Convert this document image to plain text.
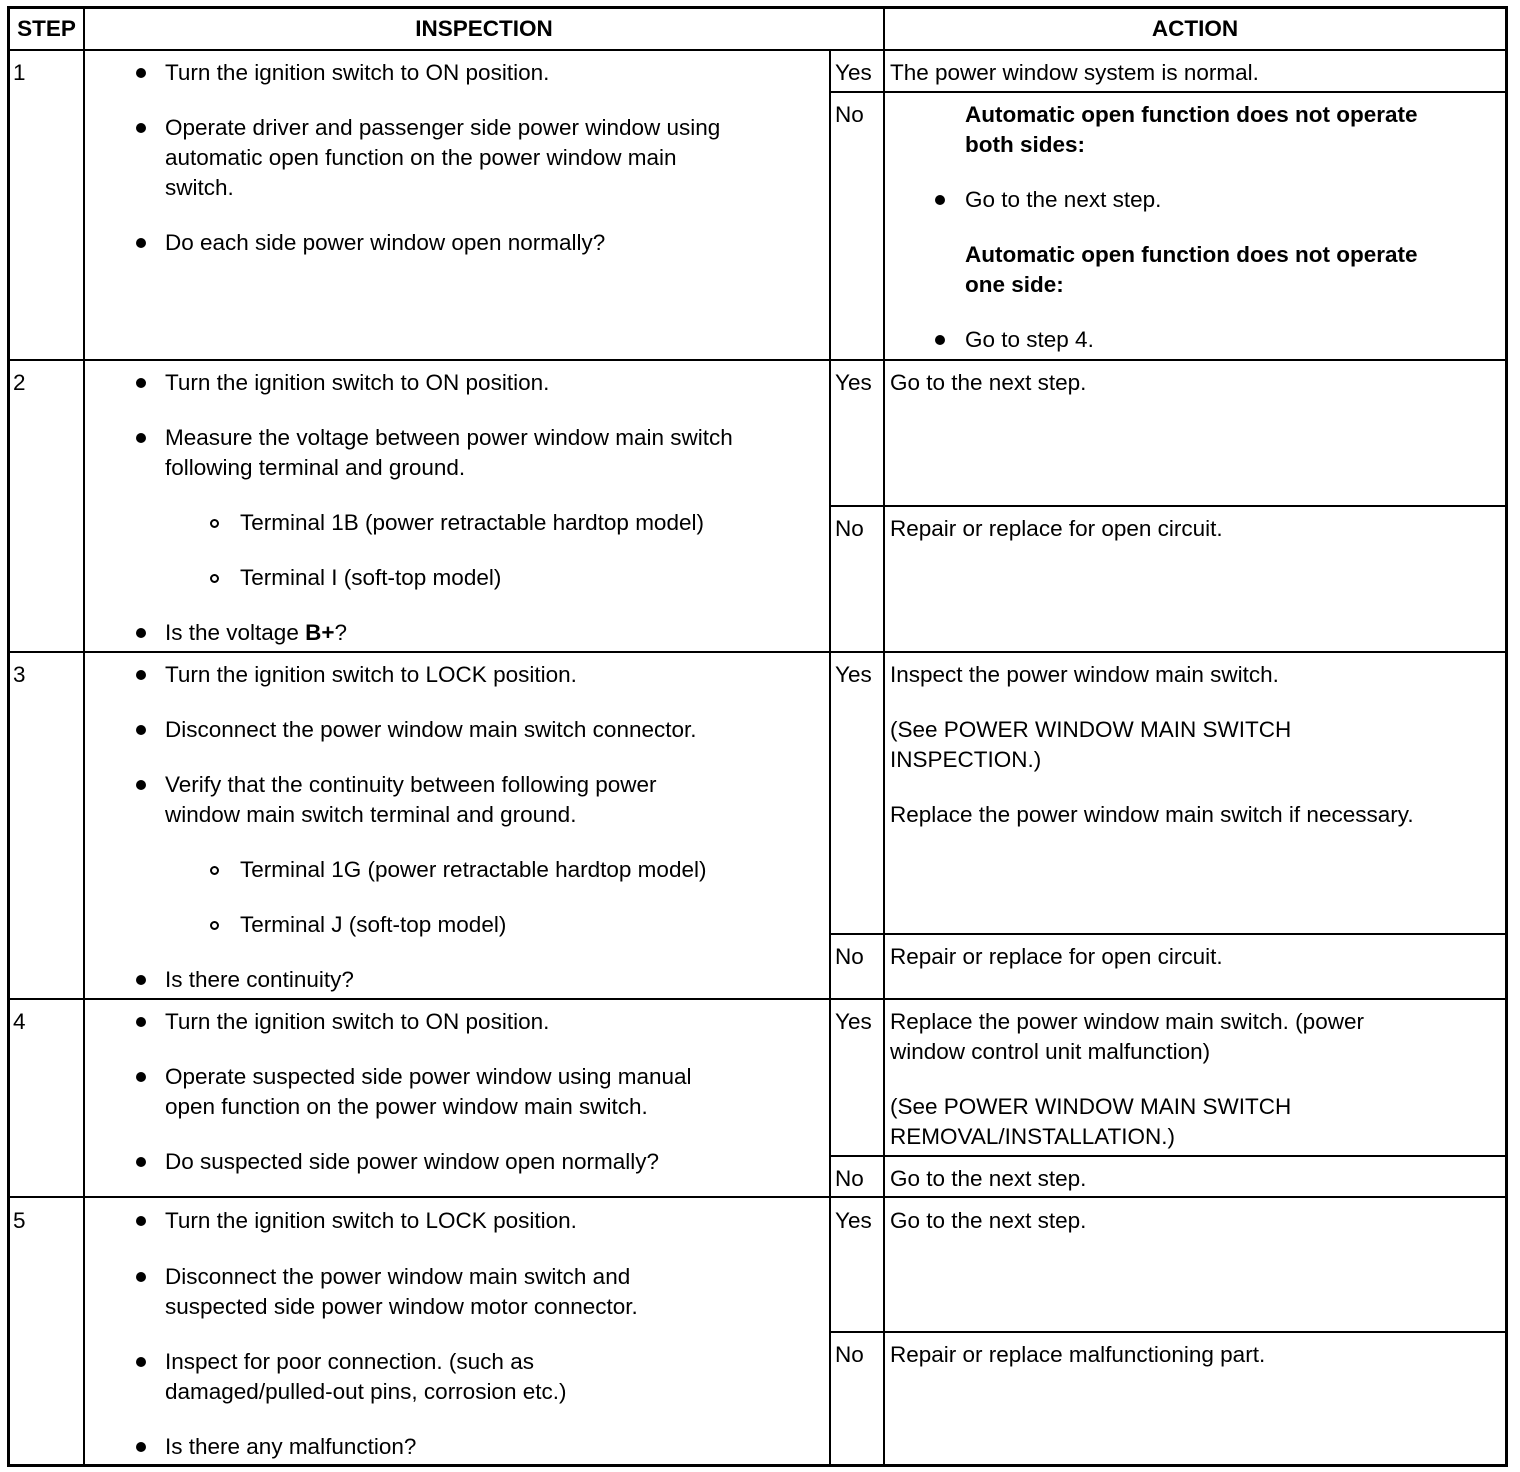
STEP	INSPECTION	ACTION
1	Turn the ignition switch to ON position.
Operate driver and passenger side power window using
automatic open function on the power window main
switch.
Do each side power window open normally?
Yes The power window system is normal.
No	Automatic open function does not operate
both sides:
Go to the next step.
Automatic open function does not operate
one side:
Go to step 4.
2	Turn the ignition switch to ON position.
Measure the voltage between power window main switch
following terminal and ground.
Terminal 1B (power retractable hardtop model)
Terminal I (soft-top model)
Is the voltage B+?
Yes Go to the next step.
No Repair or replace for open circuit.
3	Turn the ignition switch to LOCK position.
Disconnect the power window main switch connector.
Verify that the continuity between following power
window main switch terminal and ground.
Terminal 1G (power retractable hardtop model)
Terminal J (soft-top model)
Is there continuity?
Yes Inspect the power window main switch.
(See POWER WINDOW MAIN SWITCH
INSPECTION.)
Replace the power window main switch if necessary.
No Repair or replace for open circuit.
4	Turn the ignition switch to ON position.
Operate suspected side power window using manual
open function on the power window main switch.
Do suspected side power window open normally?
Yes Replace the power window main switch. (power
window control unit malfunction)
(See POWER WINDOW MAIN SWITCH
REMOVAL/INSTALLATION.)
No Go to the next step.
5	Turn the ignition switch to LOCK position.
Disconnect the power window main switch and
suspected side power window motor connector.
Inspect for poor connection. (such as
damaged/pulled-out pins, corrosion etc.)
Is there any malfunction?
Yes Go to the next step.
No Repair or replace malfunctioning part.
